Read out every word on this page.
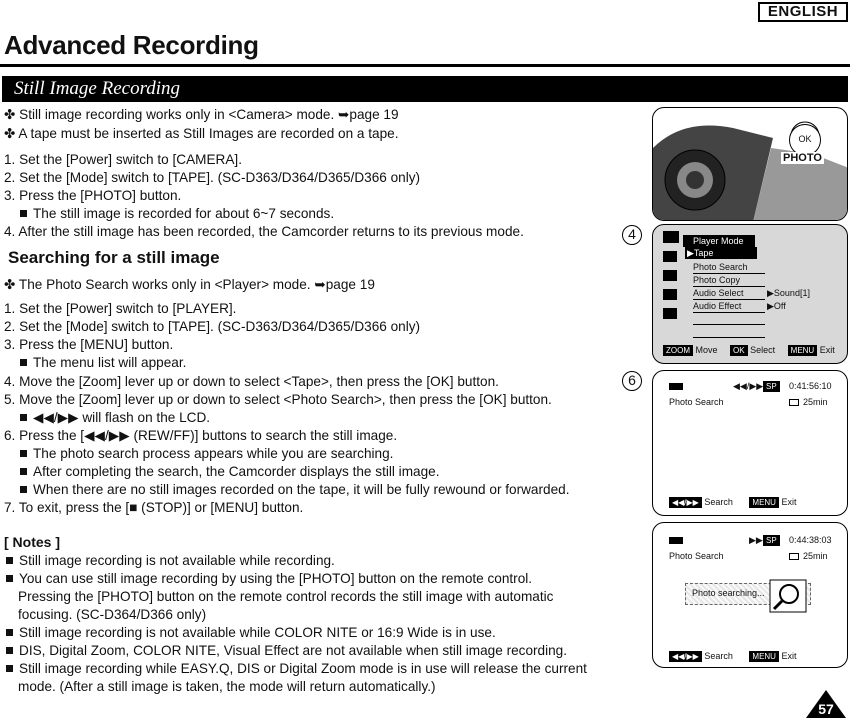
ENGLISH
Advanced Recording
Still Image Recording
✤ Still image recording works only in <Camera> mode. ➥page 19
✤ A tape must be inserted as Still Images are recorded on a tape.
1. Set the [Power] switch to [CAMERA].
2. Set the [Mode] switch to [TAPE]. (SC-D363/D364/D365/D366 only)
3. Press the [PHOTO] button.
The still image is recorded for about 6~7 seconds.
4. After the still image has been recorded, the Camcorder returns to its previous mode.
Searching for a still image
✤ The Photo Search works only in <Player> mode. ➥page 19
1. Set the [Power] switch to [PLAYER].
2. Set the [Mode] switch to [TAPE]. (SC-D363/D364/D365/D366 only)
3. Press the [MENU] button.
The menu list will appear.
4. Move the [Zoom] lever up or down to select <Tape>, then press the [OK] button.
5. Move the [Zoom] lever up or down to select <Photo Search>, then press the [OK] button.
◀◀/▶▶ will flash on the LCD.
6. Press the [◀◀/▶▶ (REW/FF)] buttons to search the still image.
The photo search process appears while you are searching.
After completing the search, the Camcorder displays the still image.
When there are no still images recorded on the tape, it will be fully rewound or forwarded.
7. To exit, press the [■ (STOP)] or [MENU] button.
[ Notes ]
Still image recording is not available while recording.
You can use still image recording by using the [PHOTO] button on the remote control.
Pressing the [PHOTO] button on the remote control records the still image with automatic
focusing. (SC-D364/D366 only)
Still image recording is not available while COLOR NITE or 16:9 Wide is in use.
DIS, Digital Zoom, COLOR NITE, Visual Effect are not available when still image recording.
Still image recording while EASY.Q, DIS or Digital Zoom mode is in use will release the current
mode. (After a still image is taken, the mode will return automatically.)
OK
PHOTO
4	Player Mode
▶Tape
Photo Search
Photo Copy
Audio Select	▶Sound[1]
Audio Effect	▶Off
ZOOM Move OK Select MENU Exit
6	◀◀/▶▶ SP	0:41:56:10
Photo Search	25min
◀◀/▶▶ Search MENU Exit
▶▶ SP	0:44:38:03
Photo Search	25min
Photo searching...
◀◀/▶▶ Search MENU Exit
57
